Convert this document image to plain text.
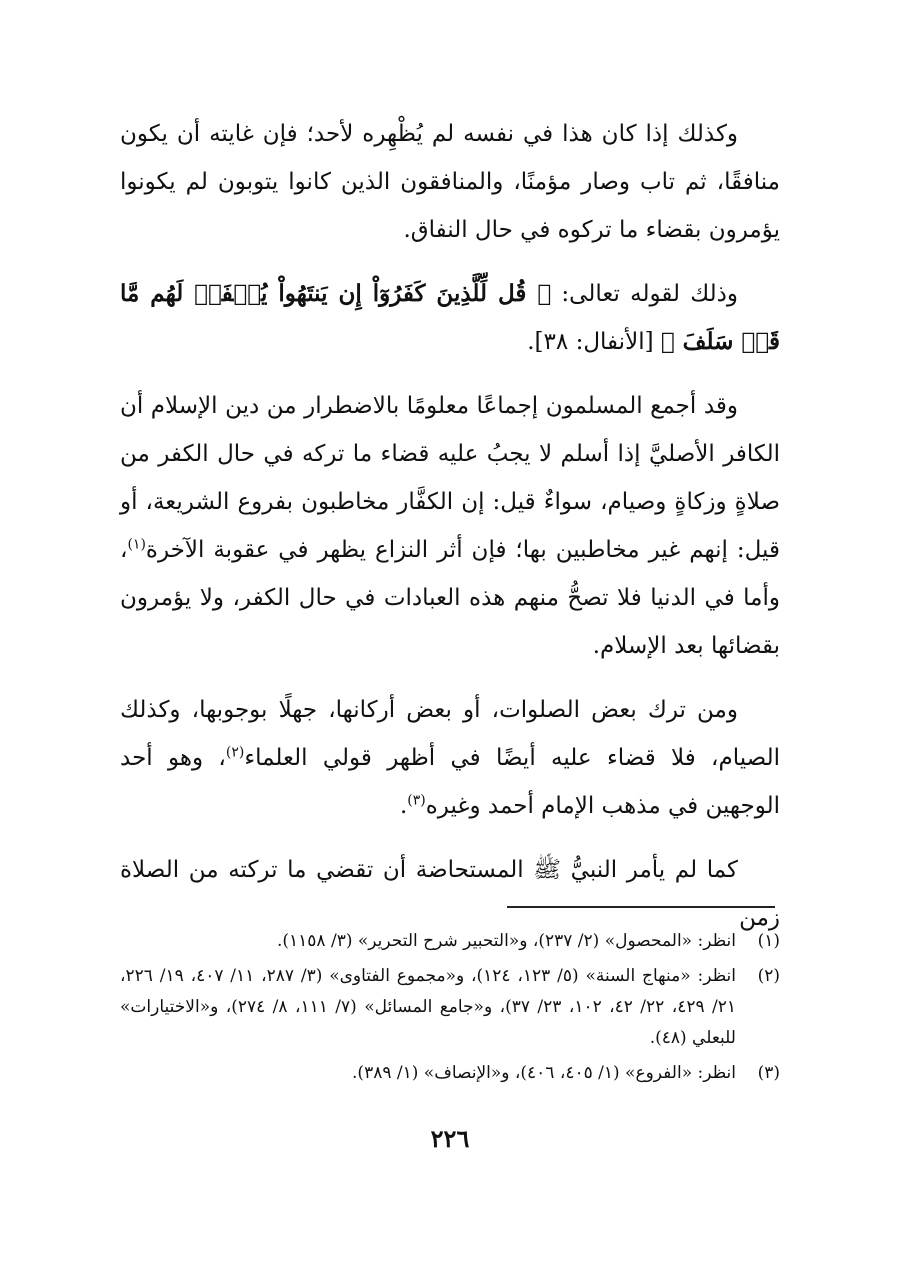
وكذلك إذا كان هذا في نفسه لم يُظْهِره لأحد؛ فإن غايته أن يكون منافقًا، ثم تاب وصار مؤمنًا، والمنافقون الذين كانوا يتوبون لم يكونوا يؤمرون بقضاء ما تركوه في حال النفاق.

وذلك لقوله تعالى: ﴿ قُل لِّلَّذِينَ كَفَرُوٓاْ إِن يَنتَهُواْ يُغۡفَرۡ لَهُم مَّا قَدۡ سَلَفَ ﴾ [الأنفال: ٣٨].

وقد أجمع المسلمون إجماعًا معلومًا بالاضطرار من دين الإسلام أن الكافر الأصليَّ إذا أسلم لا يجبُ عليه قضاء ما تركه في حال الكفر من صلاةٍ وزكاةٍ وصيام، سواءٌ قيل: إن الكفَّار مخاطبون بفروع الشريعة، أو قيل: إنهم غير مخاطبين بها؛ فإن أثر النزاع يظهر في عقوبة الآخرة$^{(١)}$، وأما في الدنيا فلا تصحُّ منهم هذه العبادات في حال الكفر، ولا يؤمرون بقضائها بعد الإسلام.

ومن ترك بعض الصلوات، أو بعض أركانها، جهلًا بوجوبها، وكذلك الصيام، فلا قضاء عليه أيضًا في أظهر قولي العلماء$^{(٢)}$، وهو أحد الوجهين في مذهب الإمام أحمد وغيره$^{(٣)}$.

كما لم يأمر النبيُّ ﷺ المستحاضة أن تقضي ما تركته من الصلاة زمن

(١)
انظر: «المحصول» (٢/ ٢٣٧)، و«التحبير شرح التحرير» (٣/ ١١٥٨).

(٢)
انظر: «منهاج السنة» (٥/ ١٢٣، ١٢٤)، و«مجموع الفتاوى» (٣/ ٢٨٧، ١١/ ٤٠٧، ١٩/ ٢٢٦، ٢١/ ٤٢٩، ٢٢/ ٤٢، ١٠٢، ٢٣/ ٣٧)، و«جامع المسائل» (٧/ ١١١، ٨/ ٢٧٤)، و«الاختيارات» للبعلي (٤٨).

(٣)
انظر: «الفروع» (١/ ٤٠٥، ٤٠٦)، و«الإنصاف» (١/ ٣٨٩).

٢٢٦
